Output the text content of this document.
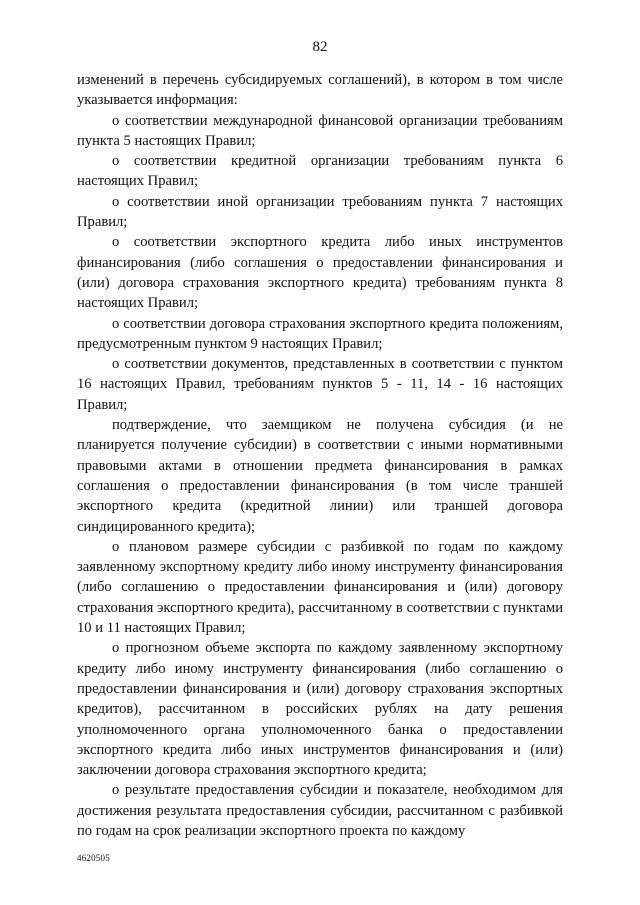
82

изменений в перечень субсидируемых соглашений), в котором в том числе указывается информация:

о соответствии международной финансовой организации требованиям пункта 5 настоящих Правил;

о соответствии кредитной организации требованиям пункта 6 настоящих Правил;

о соответствии иной организации требованиям пункта 7 настоящих Правил;

о соответствии экспортного кредита либо иных инструментов финансирования (либо соглашения о предоставлении финансирования и (или) договора страхования экспортного кредита) требованиям пункта 8 настоящих Правил;

о соответствии договора страхования экспортного кредита положениям, предусмотренным пунктом 9 настоящих Правил;

о соответствии документов, представленных в соответствии с пунктом 16 настоящих Правил, требованиям пунктов 5 - 11, 14 - 16 настоящих Правил;

подтверждение, что заемщиком не получена субсидия (и не планируется получение субсидии) в соответствии с иными нормативными правовыми актами в отношении предмета финансирования в рамках соглашения о предоставлении финансирования (в том числе траншей экспортного кредита (кредитной линии) или траншей договора синдицированного кредита);

о плановом размере субсидии с разбивкой по годам по каждому заявленному экспортному кредиту либо иному инструменту финансирования (либо соглашению о предоставлении финансирования и (или) договору страхования экспортного кредита), рассчитанному в соответствии с пунктами 10 и 11 настоящих Правил;

о прогнозном объеме экспорта по каждому заявленному экспортному кредиту либо иному инструменту финансирования (либо соглашению о предоставлении финансирования и (или) договору страхования экспортных кредитов), рассчитанном в российских рублях на дату решения уполномоченного органа уполномоченного банка о предоставлении экспортного кредита либо иных инструментов финансирования и (или) заключении договора страхования экспортного кредита;

о результате предоставления субсидии и показателе, необходимом для достижения результата предоставления субсидии, рассчитанном с разбивкой по годам на срок реализации экспортного проекта по каждому

4620505
